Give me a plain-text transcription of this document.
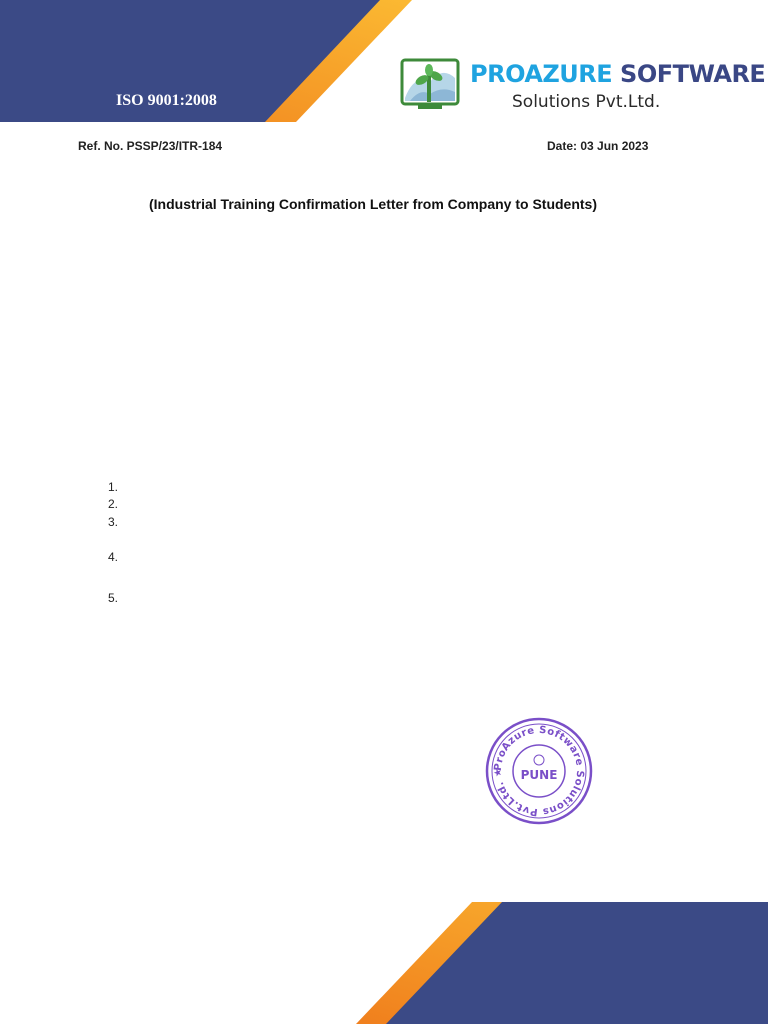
ISO 9001:2008
PROAZURE SOFTWARE
Solutions Pvt.Ltd.
Ref. No. PSSP/23/ITR-184	Date: 03 Jun 2023
(Industrial Training Confirmation Letter from Company to Students)
1.
2.
3.
4.
5.
ProAzure Software Solutions Pvt.Ltd. ★	PUNE
